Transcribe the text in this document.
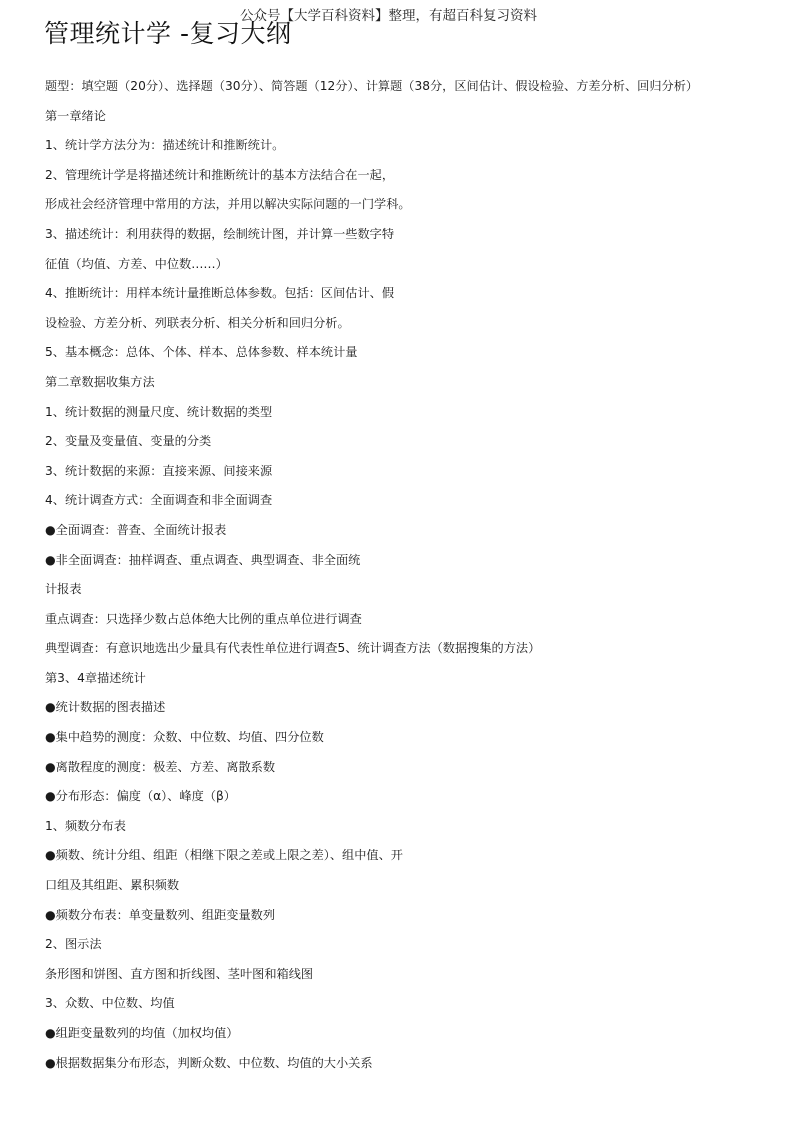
公众号【大学百科资料】整理，有超百科复习资料
管理统计学 -复习大纲
题型：填空题（20分）、选择题（30分）、简答题（12分）、计算题（38分，区间估计、假设检验、方差分析、回归分析）
第一章绪论
1、统计学方法分为：描述统计和推断统计。
2、管理统计学是将描述统计和推断统计的基本方法结合在一起，
形成社会经济管理中常用的方法，并用以解决实际问题的一门学科。
3、描述统计：利用获得的数据，绘制统计图，并计算一些数字特
征值（均值、方差、中位数……）
4、推断统计：用样本统计量推断总体参数。包括：区间估计、假
设检验、方差分析、列联表分析、相关分析和回归分析。
5、基本概念：总体、个体、样本、总体参数、样本统计量
第二章数据收集方法
1、统计数据的测量尺度、统计数据的类型
2、变量及变量值、变量的分类
3、统计数据的来源：直接来源、间接来源
4、统计调查方式：全面调查和非全面调查
●全面调查：普查、全面统计报表
●非全面调查：抽样调查、重点调查、典型调查、非全面统
计报表
重点调查：只选择少数占总体绝大比例的重点单位进行调查
典型调查：有意识地选出少量具有代表性单位进行调查5、统计调查方法（数据搜集的方法）
第3、4章描述统计
●统计数据的图表描述
●集中趋势的测度：众数、中位数、均值、四分位数
●离散程度的测度：极差、方差、离散系数
●分布形态：偏度（α）、峰度（β）
1、频数分布表
●频数、统计分组、组距（相继下限之差或上限之差）、组中值、开
口组及其组距、累积频数
●频数分布表：单变量数列、组距变量数列
2、图示法
条形图和饼图、直方图和折线图、茎叶图和箱线图
3、众数、中位数、均值
●组距变量数列的均值（加权均值）
●根据数据集分布形态，判断众数、中位数、均值的大小关系
